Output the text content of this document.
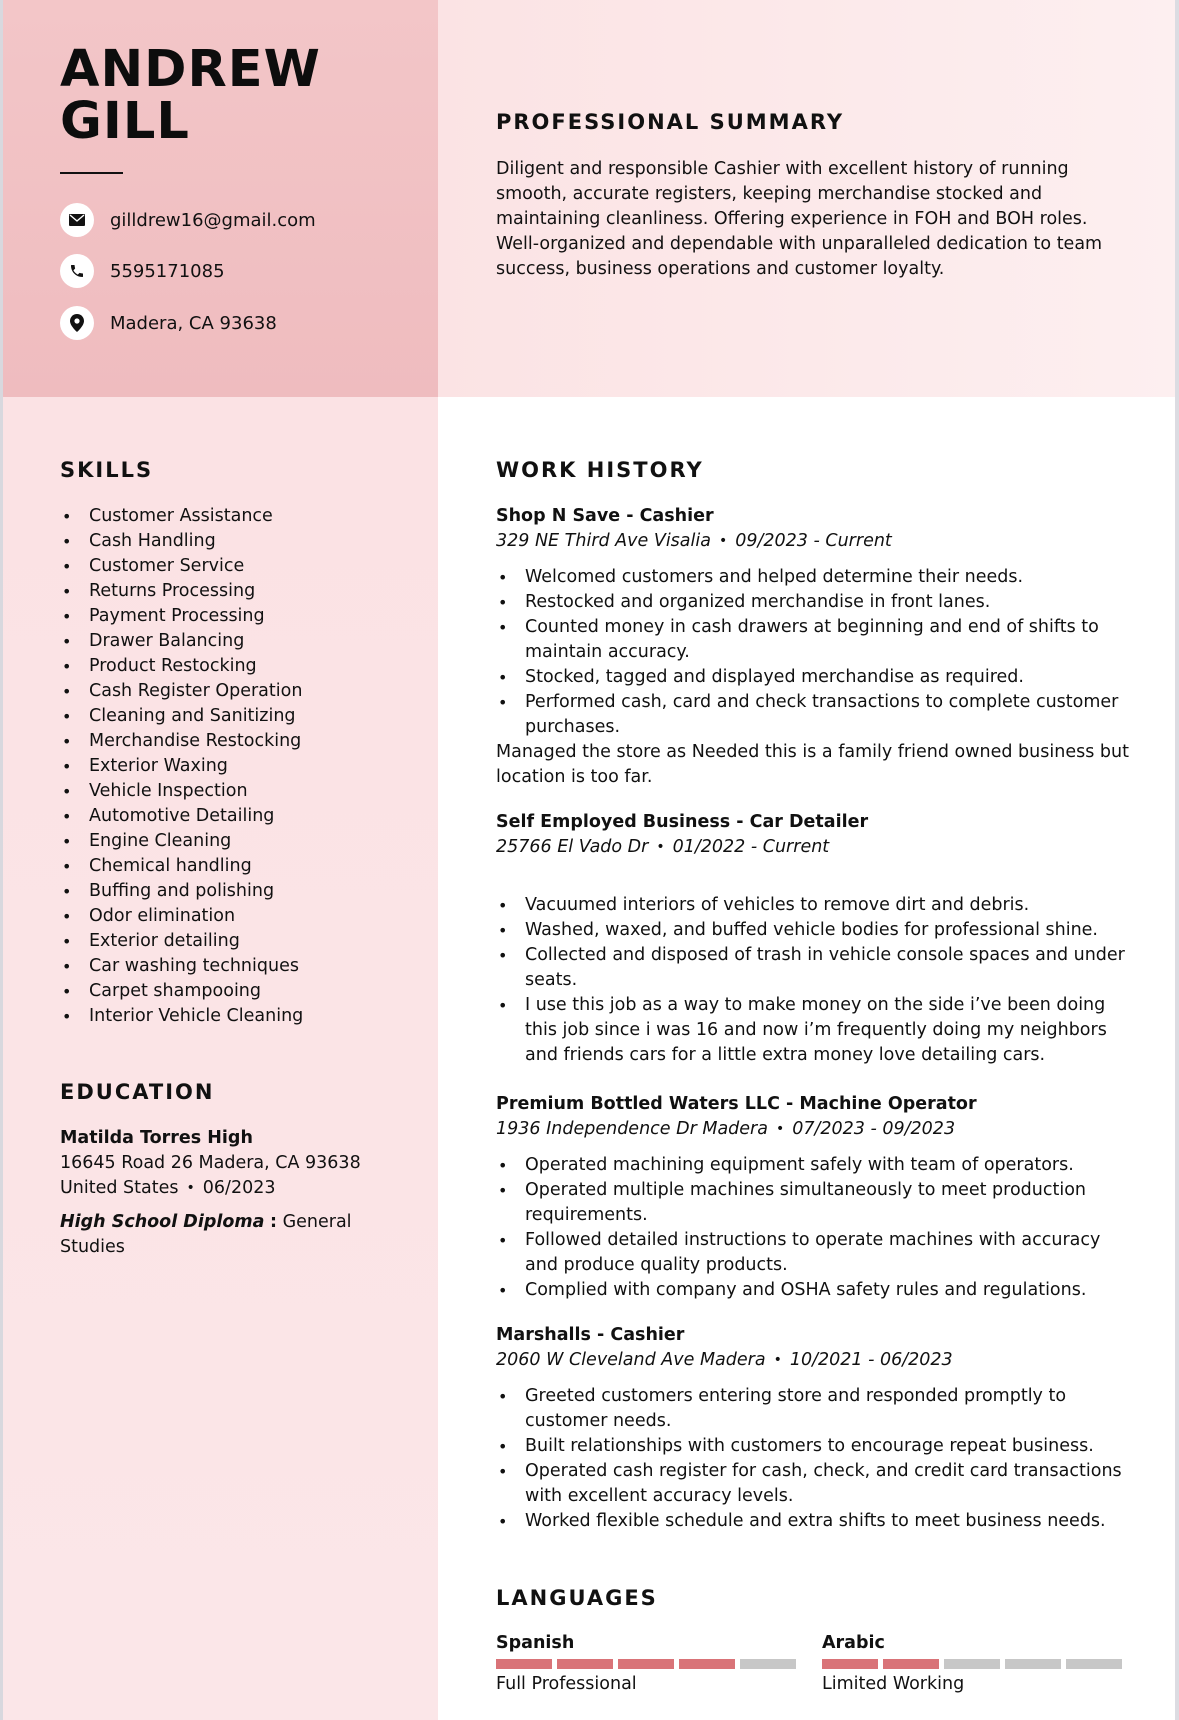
ANDREW
GILL
gilldrew16@gmail.com
5595171085
Madera, CA 93638
PROFESSIONAL SUMMARY
Diligent and responsible Cashier with excellent history of running smooth, accurate registers, keeping merchandise stocked and maintaining cleanliness. Offering experience in FOH and BOH roles. Well-organized and dependable with unparalleled dedication to team success, business operations and customer loyalty.
SKILLS
• Customer Assistance
• Cash Handling
• Customer Service
• Returns Processing
• Payment Processing
• Drawer Balancing
• Product Restocking
• Cash Register Operation
• Cleaning and Sanitizing
• Merchandise Restocking
• Exterior Waxing
• Vehicle Inspection
• Automotive Detailing
• Engine Cleaning
• Chemical handling
• Buffing and polishing
• Odor elimination
• Exterior detailing
• Car washing techniques
• Carpet shampooing
• Interior Vehicle Cleaning
EDUCATION
Matilda Torres High
16645 Road 26 Madera, CA 93638
United States • 06/2023
High School Diploma : General Studies
WORK HISTORY
Shop N Save - Cashier
329 NE Third Ave Visalia • 09/2023 - Current
• Welcomed customers and helped determine their needs.
• Restocked and organized merchandise in front lanes.
• Counted money in cash drawers at beginning and end of shifts to maintain accuracy.
• Stocked, tagged and displayed merchandise as required.
• Performed cash, card and check transactions to complete customer purchases.
Managed the store as Needed this is a family friend owned business but location is too far.
Self Employed Business - Car Detailer
25766 El Vado Dr • 01/2022 - Current
• Vacuumed interiors of vehicles to remove dirt and debris.
• Washed, waxed, and buffed vehicle bodies for professional shine.
• Collected and disposed of trash in vehicle console spaces and under seats.
• I use this job as a way to make money on the side i’ve been doing this job since i was 16 and now i’m frequently doing my neighbors and friends cars for a little extra money love detailing cars.
Premium Bottled Waters LLC - Machine Operator
1936 Independence Dr Madera • 07/2023 - 09/2023
• Operated machining equipment safely with team of operators.
• Operated multiple machines simultaneously to meet production requirements.
• Followed detailed instructions to operate machines with accuracy and produce quality products.
• Complied with company and OSHA safety rules and regulations.
Marshalls - Cashier
2060 W Cleveland Ave Madera • 10/2021 - 06/2023
• Greeted customers entering store and responded promptly to customer needs.
• Built relationships with customers to encourage repeat business.
• Operated cash register for cash, check, and credit card transactions with excellent accuracy levels.
• Worked flexible schedule and extra shifts to meet business needs.
LANGUAGES
Spanish
Full Professional
Arabic
Limited Working
